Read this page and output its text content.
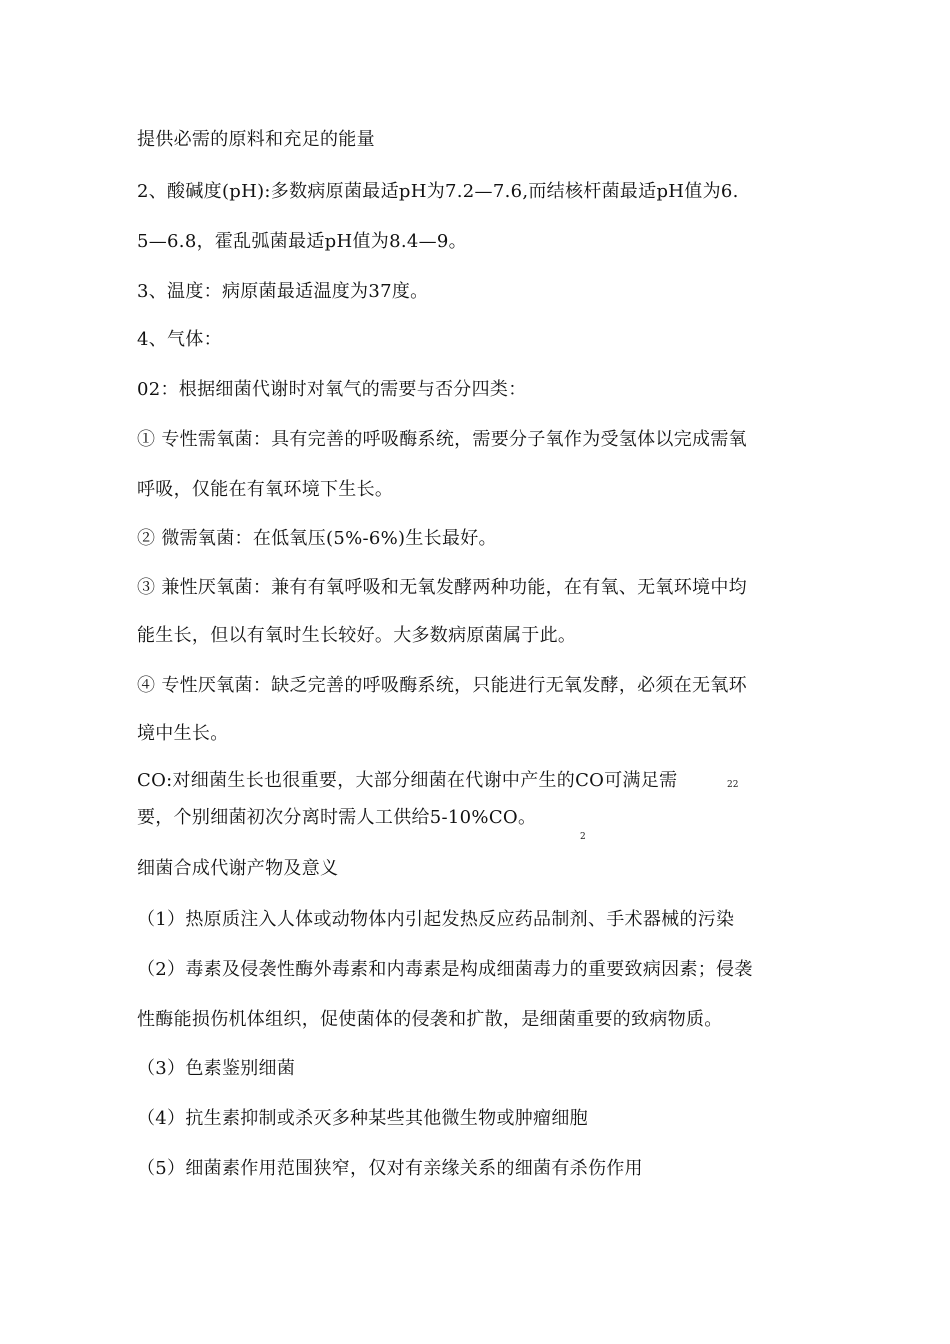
提供必需的原料和充足的能量
2、酸碱度(pH):多数病原菌最适pH为7.2—7.6,而结核杆菌最适pH值为6.
5—6.8，霍乱弧菌最适pH值为8.4—9。
3、温度：病原菌最适温度为37度。
4、气体：
02：根据细菌代谢时对氧气的需要与否分四类：
① 专性需氧菌：具有完善的呼吸酶系统，需要分子氧作为受氢体以完成需氧
呼吸，仅能在有氧环境下生长。
② 微需氧菌：在低氧压(5%-6%)生长最好。
③ 兼性厌氧菌：兼有有氧呼吸和无氧发酵两种功能，在有氧、无氧环境中均
能生长，但以有氧时生长较好。大多数病原菌属于此。
④ 专性厌氧菌：缺乏完善的呼吸酶系统，只能进行无氧发酵，必须在无氧环
境中生长。
CO:对细菌生长也很重要，大部分细菌在代谢中产生的CO可满足需	22
要，个别细菌初次分离时需人工供给5-10%CO。
2
细菌合成代谢产物及意义
（1）热原质注入人体或动物体内引起发热反应药品制剂、手术器械的污染
（2）毒素及侵袭性酶外毒素和内毒素是构成细菌毒力的重要致病因素；侵袭
性酶能损伤机体组织，促使菌体的侵袭和扩散，是细菌重要的致病物质。
（3）色素鉴别细菌
（4）抗生素抑制或杀灭多种某些其他微生物或肿瘤细胞
（5）细菌素作用范围狭窄，仅对有亲缘关系的细菌有杀伤作用
